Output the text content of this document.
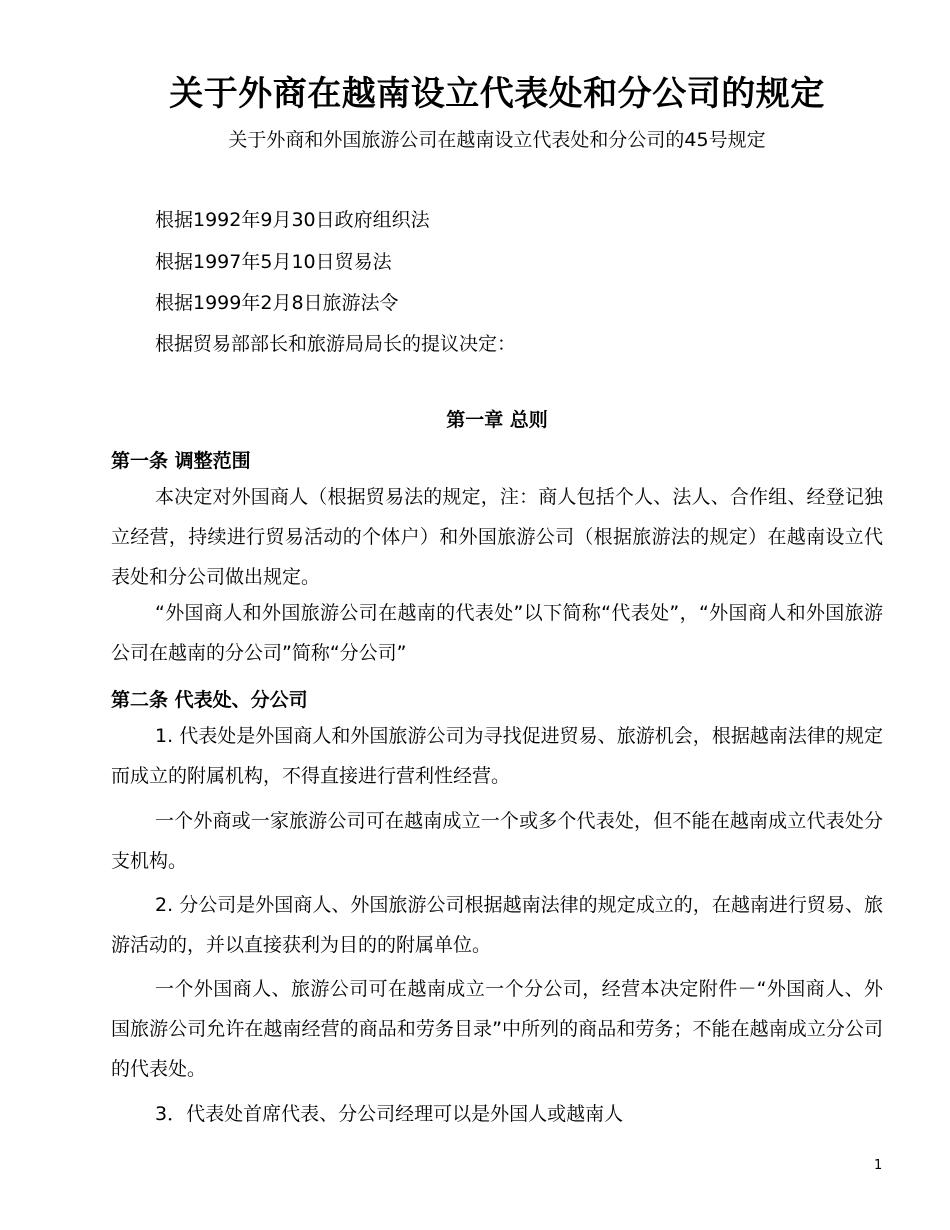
关于外商在越南设立代表处和分公司的规定
关于外商和外国旅游公司在越南设立代表处和分公司的45号规定
根据1992年9月30日政府组织法
根据1997年5月10日贸易法
根据1999年2月8日旅游法令
根据贸易部部长和旅游局局长的提议决定：
第一章 总则
第一条 调整范围
本决定对外国商人（根据贸易法的规定，注：商人包括个人、法人、合作组、经登记独立经营，持续进行贸易活动的个体户）和外国旅游公司（根据旅游法的规定）在越南设立代表处和分公司做出规定。
“外国商人和外国旅游公司在越南的代表处”以下简称“代表处”，“外国商人和外国旅游公司在越南的分公司”简称“分公司”
第二条 代表处、分公司
1. 代表处是外国商人和外国旅游公司为寻找促进贸易、旅游机会，根据越南法律的规定而成立的附属机构，不得直接进行营利性经营。
一个外商或一家旅游公司可在越南成立一个或多个代表处，但不能在越南成立代表处分支机构。
2. 分公司是外国商人、外国旅游公司根据越南法律的规定成立的，在越南进行贸易、旅游活动的，并以直接获利为目的的附属单位。
一个外国商人、旅游公司可在越南成立一个分公司，经营本决定附件－“外国商人、外国旅游公司允许在越南经营的商品和劳务目录”中所列的商品和劳务；不能在越南成立分公司的代表处。
3．代表处首席代表、分公司经理可以是外国人或越南人
1
